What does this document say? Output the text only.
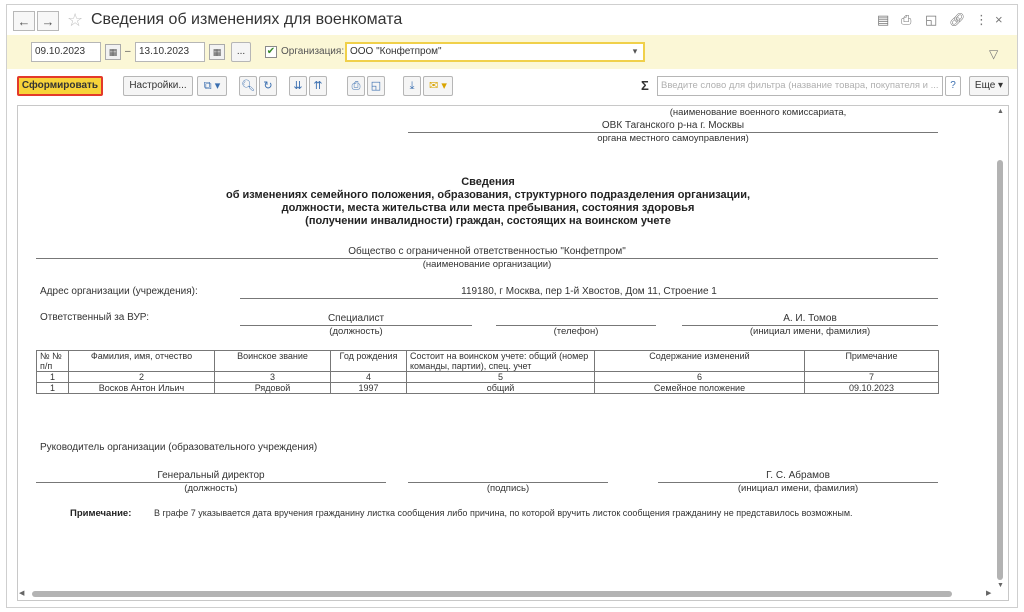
← → ☆ Сведения об изменениях для военкомата	▤ ⎙ ◱ 🔗︎ ⋮ ×
09.10.2023	▦ – 13.10.2023	▦	...	✔ Организация: ООО "Конфетпром"	▾	▽
Сформировать	Настройки...	⧉ ▾	🔍︎ ↻	⇊ ⇈	⎙ ◱	⤓	✉ ▾	Σ	Введите слово для фильтра (название товара, покупателя и ...	?	Еще ▾
(наименование военного комиссариата,
ОВК Таганского р-на г. Москвы
органа местного самоуправления)
Сведения
об изменениях семейного положения, образования, структурного подразделения организации,
должности, места жительства или места пребывания, состояния здоровья
(получении инвалидности) граждан, состоящих на воинском учете
Общество с ограниченной ответственностью "Конфетпром"
(наименование организации)
Адрес организации (учреждения):	119180, г Москва, пер 1-й Хвостов, Дом 11, Строение 1
Ответственный за ВУР:	Специалист
(должность)	(телефон)
А. И. Томов
(инициал имени, фамилия)
№ № п/п	Фамилия, имя, отчество	Воинское звание	Год рождения	Состоит на воинском учете: общий (номер команды, партии), спец. учет	Содержание изменений	Примечание
1	2	3	4	5	6	7
1	Восков Антон Ильич	Рядовой	1997	общий	Семейное положение	09.10.2023
Руководитель организации (образовательного учреждения)
Генеральный директор
(должность)	(подпись)
Г. С. Абрамов
(инициал имени, фамилия)
Примечание:	В графе 7 указывается дата вручения гражданину листка сообщения либо причина, по которой вручить листок сообщения гражданину не представилось возможным.
▲
▼
◀	▶
